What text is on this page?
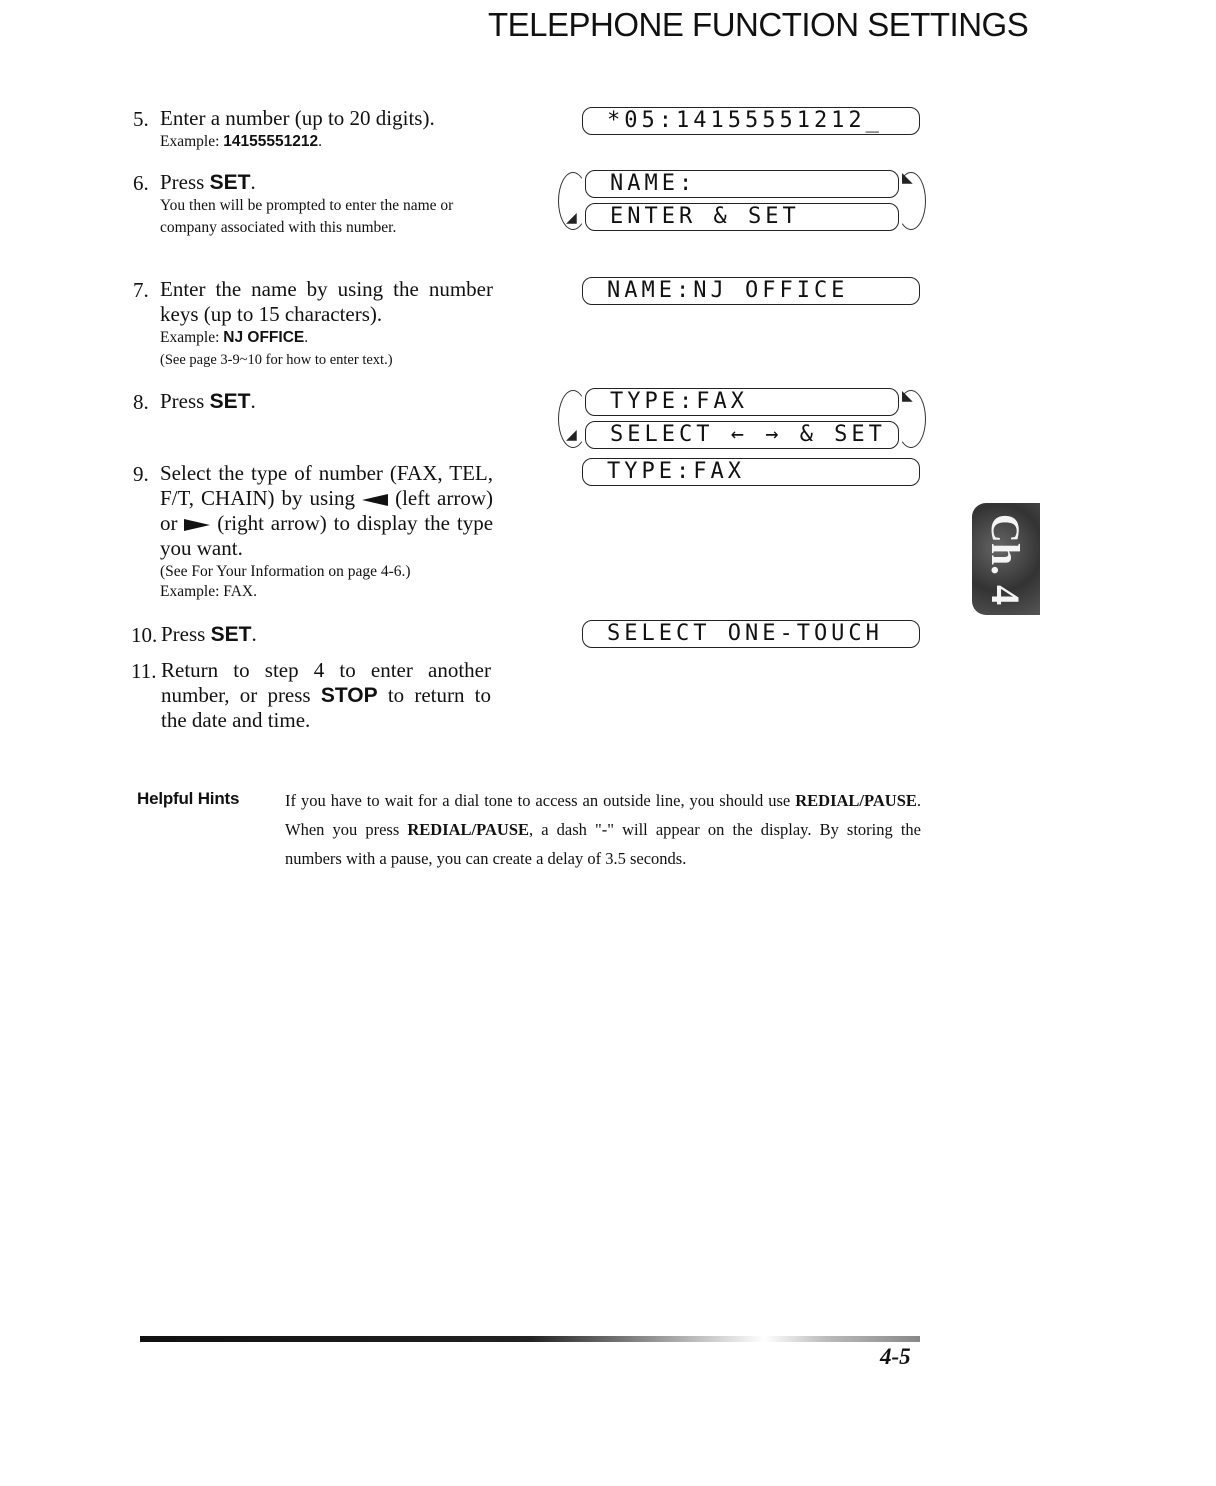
TELEPHONE FUNCTION SETTINGS
5. Enter a number (up to 20 digits).
Example: 14155551212.
6. Press SET.
You then will be prompted to enter the name or company associated with this number.
7. Enter the name by using the number keys (up to 15 characters).
Example: NJ OFFICE.
(See page 3-9~10 for how to enter text.)
8. Press SET.
9. Select the type of number (FAX, TEL, F/T, CHAIN) by using (left arrow) or (right arrow) to display the type you want.
(See For Your Information on page 4-6.)
Example: FAX.
10. Press SET.
11. Return to step 4 to enter another number, or press STOP to return to the date and time.
*05:14155551212_
◢
NAME:
ENTER & SET
◣
NAME:NJ OFFICE
◢
TYPE:FAX
SELECT ← → & SET
◣
TYPE:FAX
SELECT ONE-TOUCH
Ch. 4
Helpful Hints	If you have to wait for a dial tone to access an outside line, you should use REDIAL/PAUSE. When you press REDIAL/PAUSE, a dash "-" will appear on the display. By storing the numbers with a pause, you can create a delay of 3.5 seconds.
4-5
